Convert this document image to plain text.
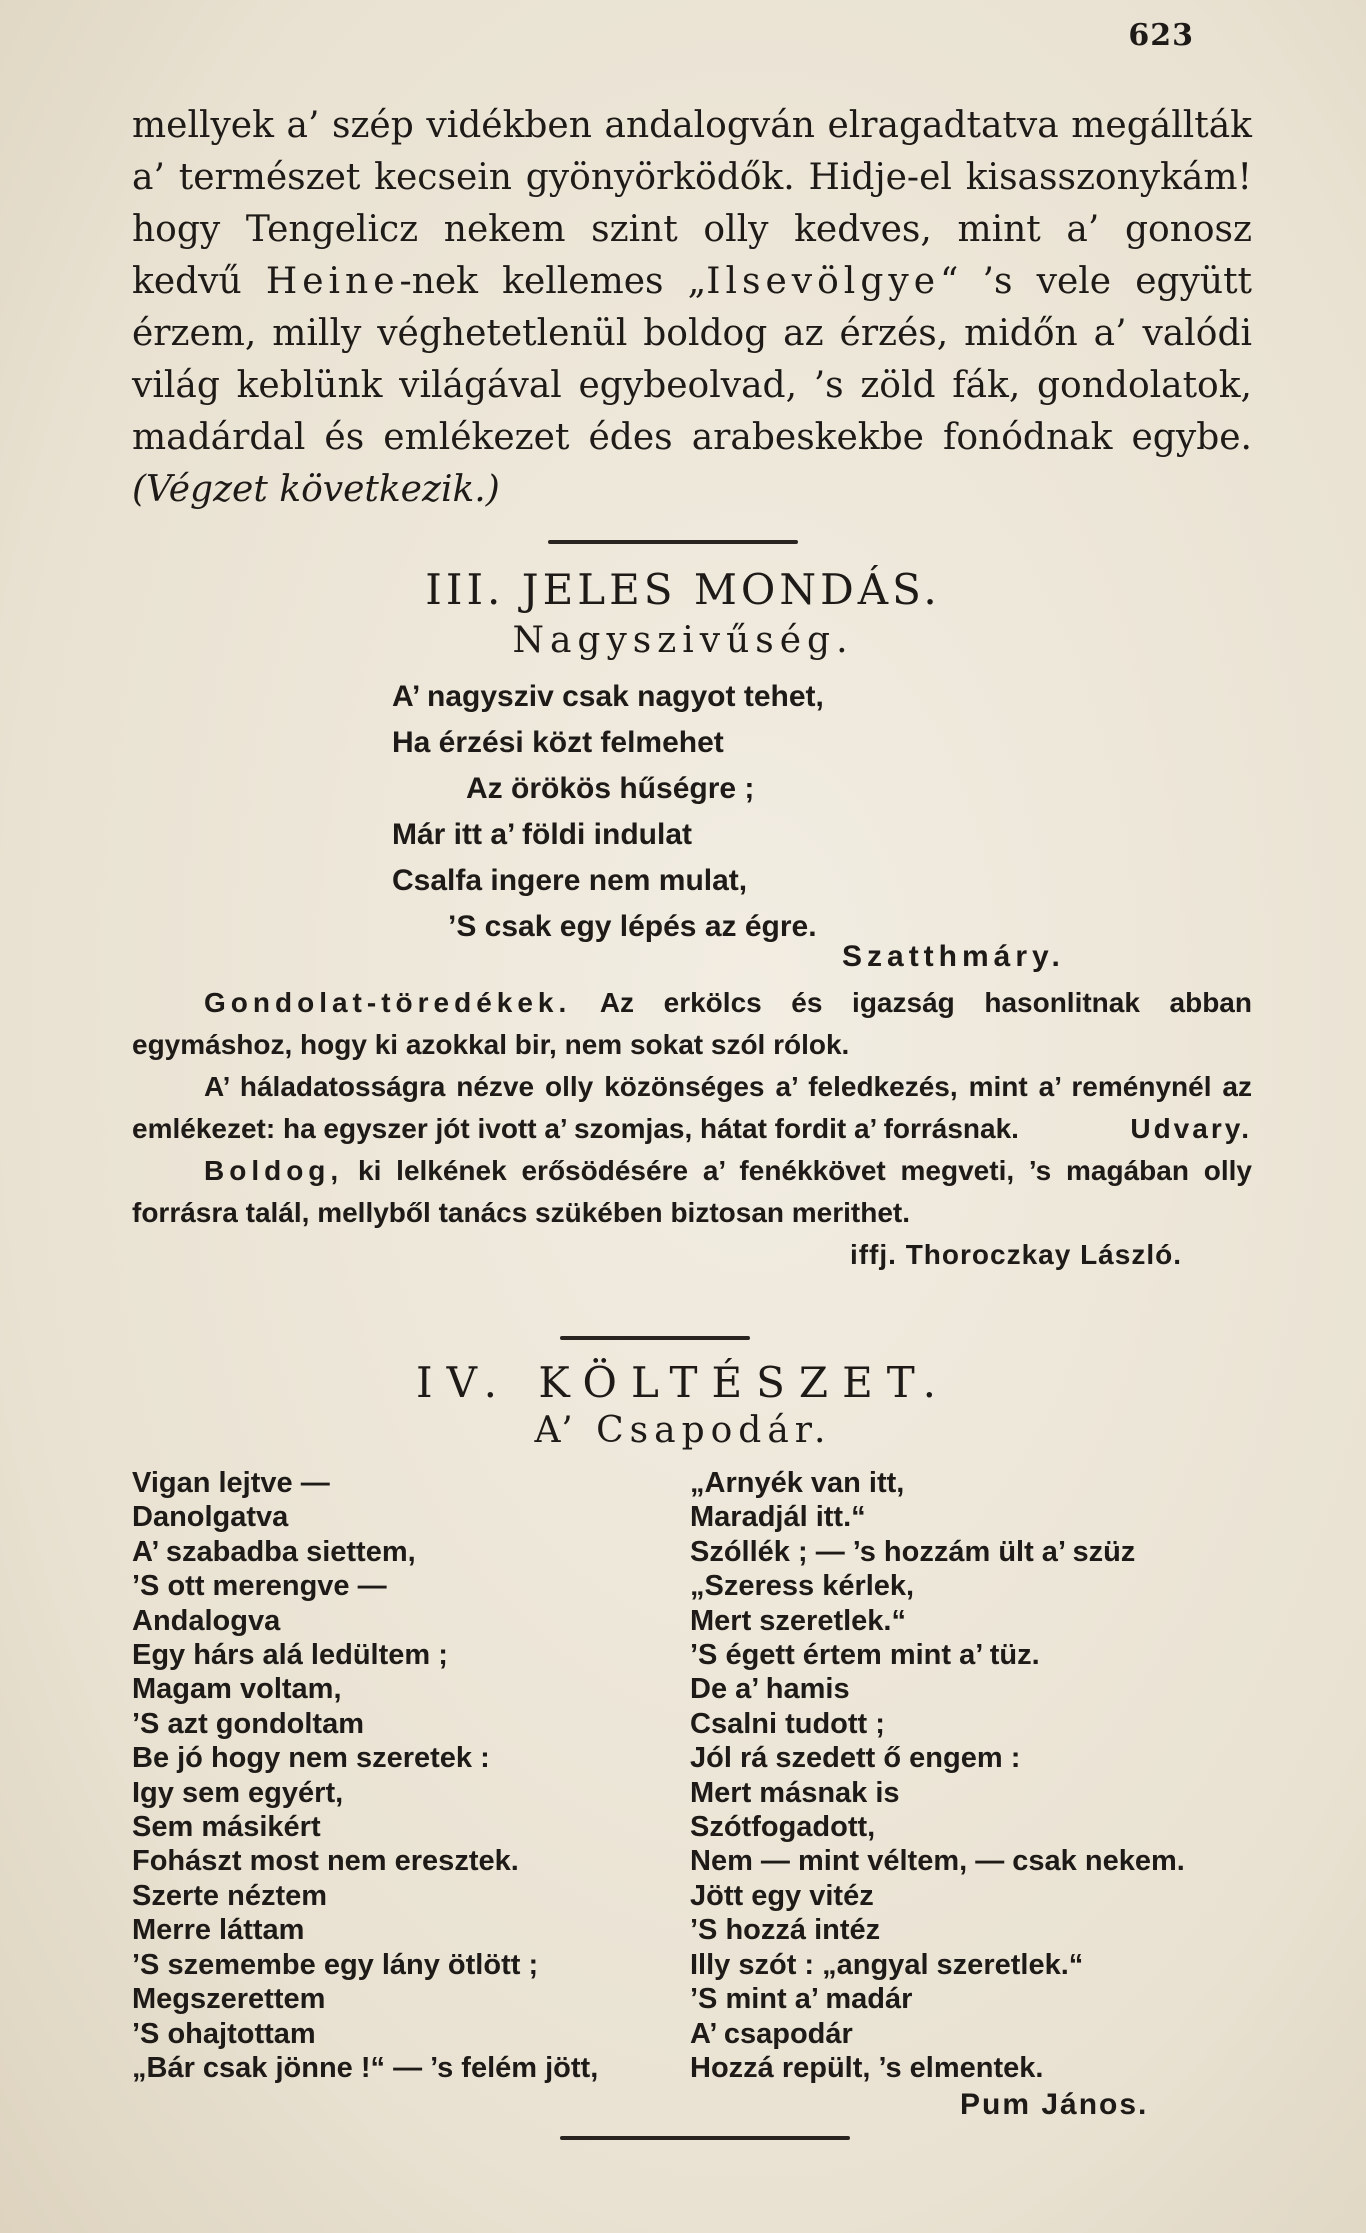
623

mellyek a’ szép vidékben andalogván elragadtatva megállták a’ természet kecsein gyönyörködők. Hidje-el kisasszonykám! hogy Tengelicz nekem szint olly kedves, mint a’ gonosz kedvű Heine-nek kellemes „Ilsevölgye“ ’s vele együtt érzem, milly véghetetlenül boldog az érzés, midőn a’ valódi világ keblünk világával egybeolvad, ’s zöld fák, gondolatok, madárdal és emlékezet édes arabeskekbe fonódnak egybe. (Végzet következik.)

III. JELES MONDÁS.
Nagyszivűség.
A’ nagysziv csak nagyot tehet,
Ha érzési közt felmehet
Az örökös hűségre ;
Már itt a’ földi indulat
Csalfa ingere nem mulat,
’S csak egy lépés az égre.
Szatthmáry.

Gondolat-töredékek. Az erkölcs és igazság hasonlitnak abban egymáshoz, hogy ki azokkal bir, nem sokat szól rólok.

A’ háladatosságra nézve olly közönséges a’ feledkezés, mint a’ reménynél az emlékezet: ha egyszer jót ivott a’ szomjas, hátat fordit a’ forrásnak.	Udvary.

Boldog, ki lelkének erősödésére a’ fenékkövet megveti, ’s magában olly forrásra talál, mellyből tanács szükében biztosan merithet.
iffj. Thoroczkay László.

IV. KÖLTÉSZET.
A’ Csapodár.
Vigan lejtve —
Danolgatva
A’ szabadba siettem,
’S ott merengve —
Andalogva
Egy hárs alá ledültem ;
Magam voltam,
’S azt gondoltam
Be jó hogy nem szeretek :
Igy sem egyért,
Sem másikért
Fohászt most nem eresztek.
Szerte néztem
Merre láttam
’S szemembe egy lány ötlött ;
Megszerettem
’S ohajtottam
„Bár csak jönne !“ — ’s felém jött,
„Arnyék van itt,
Maradjál itt.“
Szóllék ; — ’s hozzám ült a’ szüz
„Szeress kérlek,
Mert szeretlek.“
’S égett értem mint a’ tüz.
De a’ hamis
Csalni tudott ;
Jól rá szedett ő engem :
Mert másnak is
Szótfogadott,
Nem — mint véltem, — csak nekem.
Jött egy vitéz
’S hozzá intéz
Illy szót : „angyal szeretlek.“
’S mint a’ madár
A’ csapodár
Hozzá repült, ’s elmentek.
Pum János.
